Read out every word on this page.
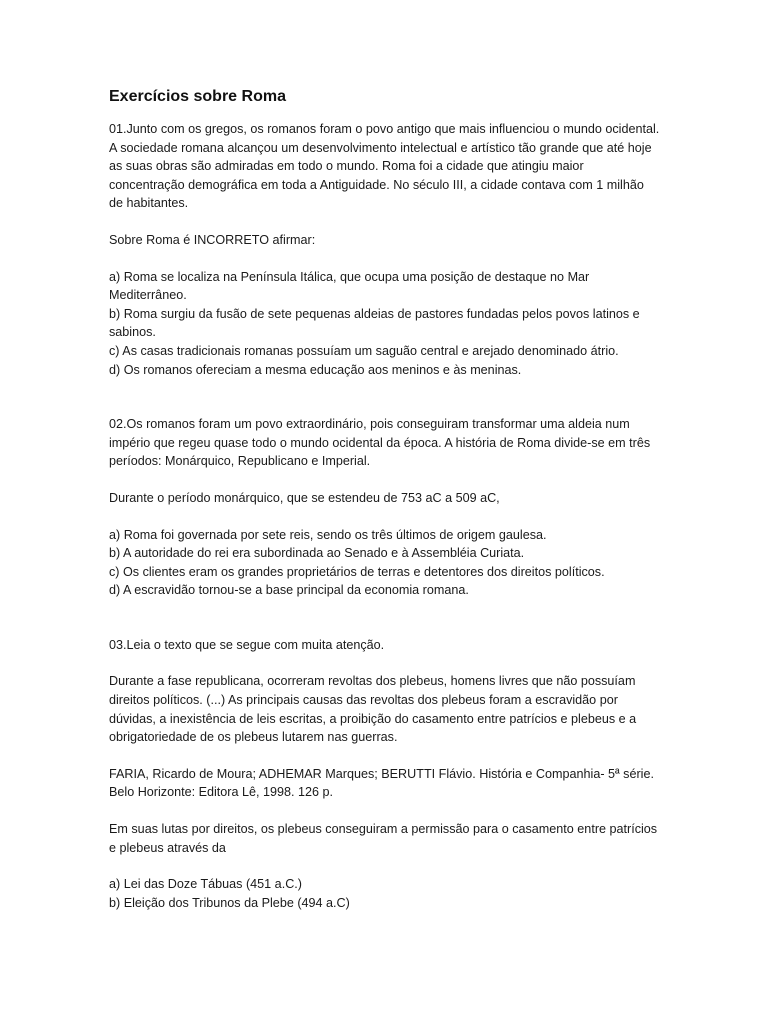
Exercícios sobre Roma

01.Junto com os gregos, os romanos foram o povo antigo que mais influenciou o mundo ocidental. A sociedade romana alcançou um desenvolvimento intelectual e artístico tão grande que até hoje as suas obras são admiradas em todo o mundo. Roma foi a cidade que atingiu maior concentração demográfica em toda a Antiguidade. No século III, a cidade contava com 1 milhão de habitantes.

Sobre Roma é INCORRETO afirmar:

a) Roma se localiza na Península Itálica, que ocupa uma posição de destaque no Mar Mediterrâneo.
b) Roma surgiu da fusão de sete pequenas aldeias de pastores fundadas pelos povos latinos e sabinos.
c) As casas tradicionais romanas possuíam um saguão central e arejado denominado átrio.
d) Os romanos ofereciam a mesma educação aos meninos e às meninas.

02.Os romanos foram um povo extraordinário, pois conseguiram transformar uma aldeia num império que regeu quase todo o mundo ocidental da época. A história de Roma divide-se em três períodos: Monárquico, Republicano e Imperial.

Durante o período monárquico, que se estendeu de 753 aC a 509 aC,

a) Roma foi governada por sete reis, sendo os três últimos de origem gaulesa.
b) A autoridade do rei era subordinada ao Senado e à Assembléia Curiata.
c) Os clientes eram os grandes proprietários de terras e detentores dos direitos políticos.
d) A escravidão tornou-se a base principal da economia romana.

03.Leia o texto que se segue com muita atenção.

Durante a fase republicana, ocorreram revoltas dos plebeus, homens livres que não possuíam direitos políticos. (...) As principais causas das revoltas dos plebeus foram a escravidão por dúvidas, a inexistência de leis escritas, a proibição do casamento entre patrícios e plebeus e a obrigatoriedade de os plebeus lutarem nas guerras.

FARIA, Ricardo de Moura; ADHEMAR Marques; BERUTTI Flávio. História e Companhia- 5ª série. Belo Horizonte: Editora Lê, 1998. 126 p.

Em suas lutas por direitos, os plebeus conseguiram a permissão para o casamento entre patrícios e plebeus através da

a) Lei das Doze Tábuas (451 a.C.)
b) Eleição dos Tribunos da Plebe (494 a.C)
